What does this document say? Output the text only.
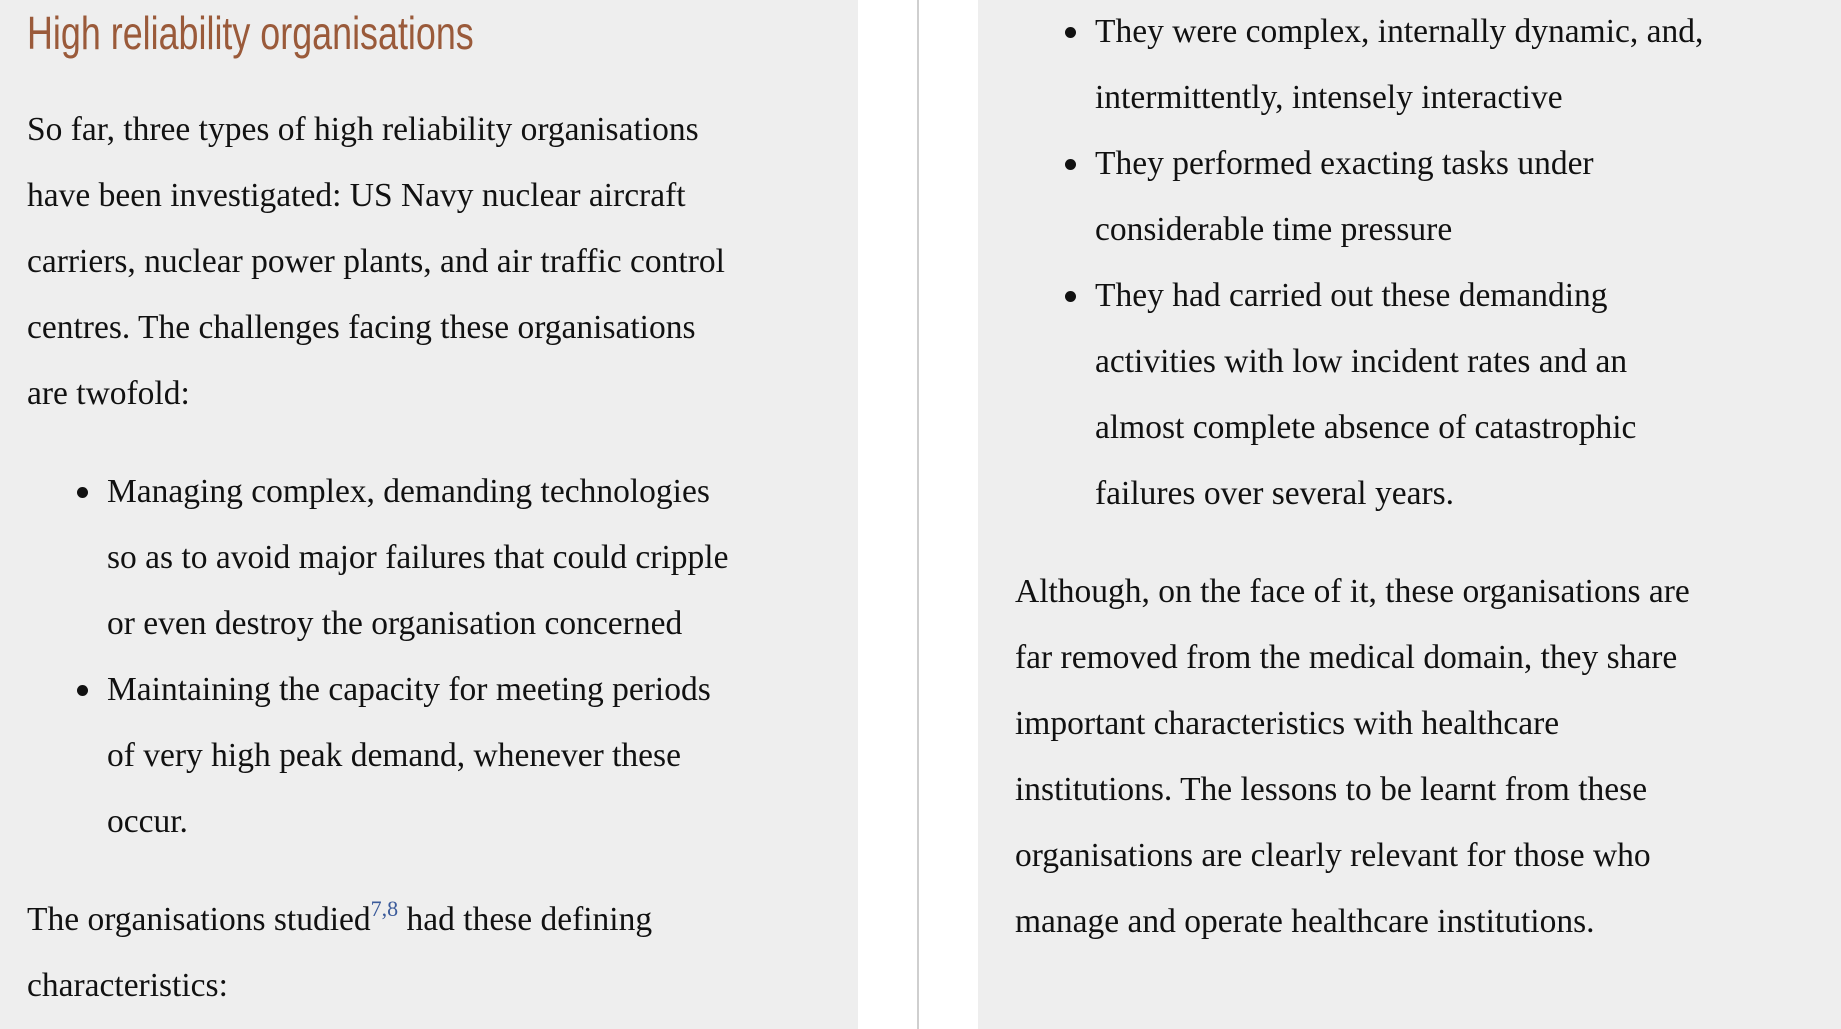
High reliability organisations
So far, three types of high reliability organisations
have been investigated: US Navy nuclear aircraft
carriers, nuclear power plants, and air traffic control
centres. The challenges facing these organisations
are twofold:
Managing complex, demanding technologies
so as to avoid major failures that could cripple
or even destroy the organisation concerned
Maintaining the capacity for meeting periods
of very high peak demand, whenever these
occur.
The organisations studied$^{7,8}$ had these defining
characteristics:
They were complex, internally dynamic, and,
intermittently, intensely interactive
They performed exacting tasks under
considerable time pressure
They had carried out these demanding
activities with low incident rates and an
almost complete absence of catastrophic
failures over several years.
Although, on the face of it, these organisations are
far removed from the medical domain, they share
important characteristics with healthcare
institutions. The lessons to be learnt from these
organisations are clearly relevant for those who
manage and operate healthcare institutions.
